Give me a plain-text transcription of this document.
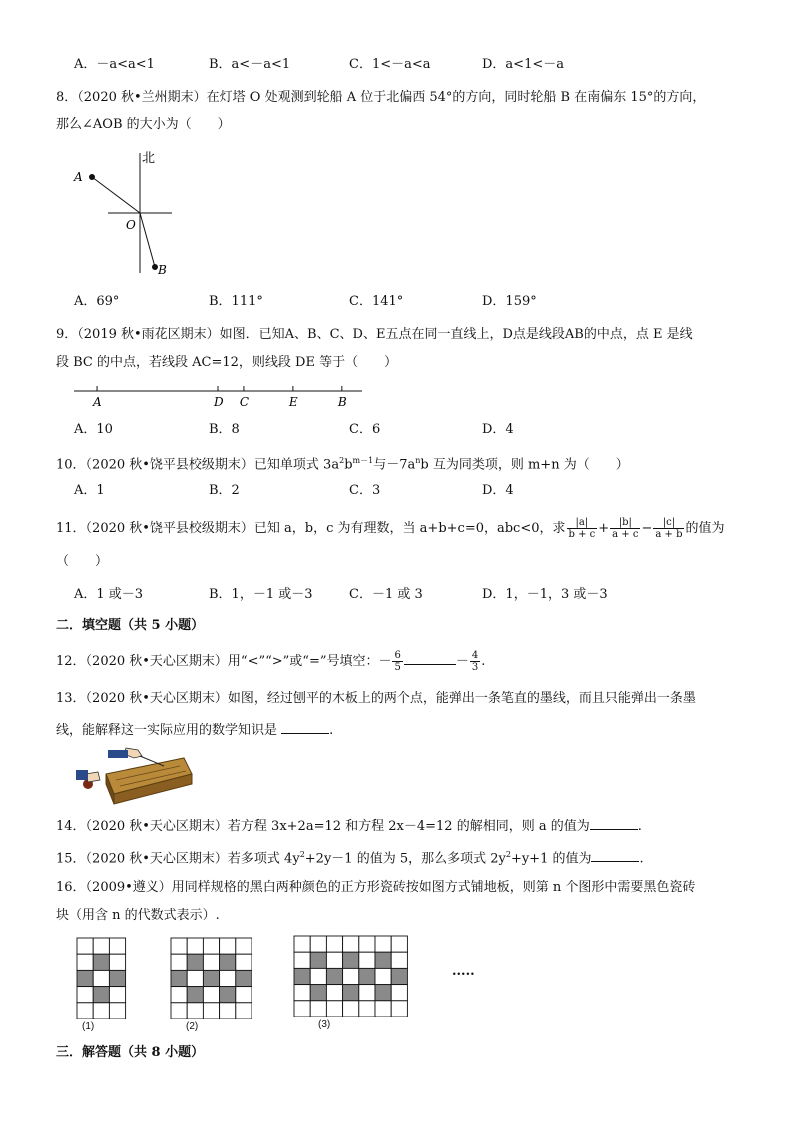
A．－a<a<1	B．a<－a<1	C．1<－a<a	D．a<1<－a
8．（2020 秋•兰州期末）在灯塔 O 处观测到轮船 A 位于北偏西 54°的方向，同时轮船 B 在南偏东 15°的方向，
那么∠AOB 的大小为（　　）
北
A
O
B
A．69°	B．111°	C．141°	D．159°
9．（2019 秋•雨花区期末）如图．已知A、B、C、D、E五点在同一直线上，D点是线段AB的中点，点 E 是线
段 BC 的中点，若线段 AC=12，则线段 DE 等于（　　）
A	D C	E	B
A．10	B．8	C．6	D．4
10．（2020 秋•饶平县校级期末）已知单项式 $3a^2b^{m-1}$与$-7a^nb$ 互为同类项，则 m+n 为（　　）
A．1	B．2	C．3	D．4
11．（2020 秋•饶平县校级期末）已知 a，b，c 为有理数，当 a+b+c=0，abc<0，求 $\frac{|a|}{b + c} + \frac{|b|}{a + c} - \frac{|c|}{a + b}$ 的值为
（　　）
A．1 或－3	B．1，－1 或－3	C．－1 或 3	D．1，－1，3 或－3
二．填空题（共 5 小题）
12．（2020 秋•天心区期末）用“<”“>”或“=”号填空：－ $\frac{6}{5}$	－ $\frac{4}{3}$ .
13．（2020 秋•天心区期末）如图，经过刨平的木板上的两个点，能弹出一条笔直的墨线，而且只能弹出一条墨
线，能解释这一实际应用的数学知识是	.
14．（2020 秋•天心区期末）若方程 3x+2a=12 和方程 2x－4=12 的解相同，则 a 的值为	.
15．（2020 秋•天心区期末）若多项式 $4y^2+2y-1$ 的值为 5，那么多项式 $2y^2+y+1$ 的值为	.
16．（2009•遵义）用同样规格的黑白两种颜色的正方形瓷砖按如图方式铺地板，则第 n 个图形中需要黑色瓷砖
块（用含 n 的代数式表示）.
(1)	(2)	(3)
.....
三．解答题（共 8 小题）
